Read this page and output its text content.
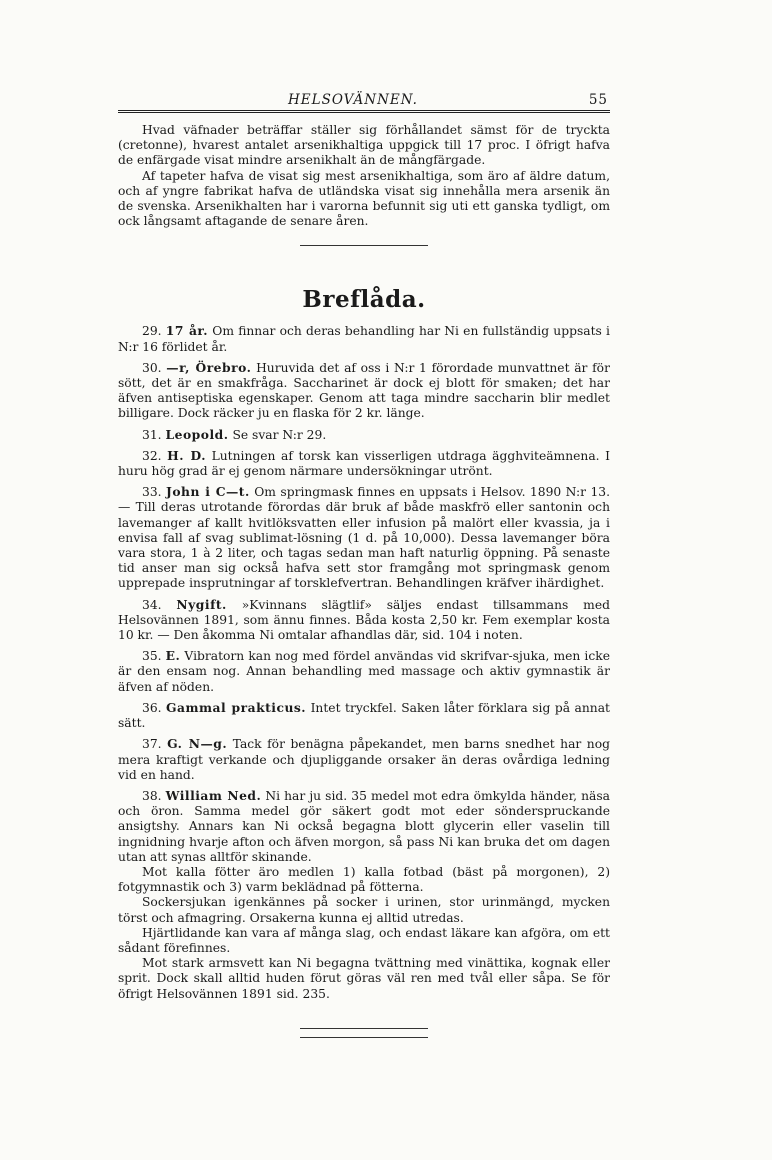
HELSOVÄNNEN.	55

Hvad väfnader beträffar ställer sig förhållandet sämst för de tryckta (cretonne), hvarest antalet arsenikhaltiga uppgick till 17 proc. I öfrigt hafva de enfärgade visat mindre arsenikhalt än de mångfärgade.

Af tapeter hafva de visat sig mest arsenikhaltiga, som äro af äldre datum, och af yngre fabrikat hafva de utländska visat sig innehålla mera arsenik än de svenska. Arsenikhalten har i varorna befunnit sig uti ett ganska tydligt, om ock långsamt aftagande de senare åren.

Breflåda.

29. 17 år. Om finnar och deras behandling har Ni en fullständig uppsats i N:r 16 förlidet år.

30. —r, Örebro. Huruvida det af oss i N:r 1 förordade munvattnet är för sött, det är en smakfråga. Saccharinet är dock ej blott för smaken; det har äfven antiseptiska egenskaper. Genom att taga mindre saccharin blir medlet billigare. Dock räcker ju en flaska för 2 kr. länge.

31. Leopold. Se svar N:r 29.

32. H. D. Lutningen af torsk kan visserligen utdraga ägghviteämnena. I huru hög grad är ej genom närmare undersökningar utrönt.

33. John i C—t. Om springmask finnes en uppsats i Helsov. 1890 N:r 13. — Till deras utrotande förordas där bruk af både maskfrö eller santonin och lavemanger af kallt hvitlöksvatten eller infusion på malört eller kvassia, ja i envisa fall af svag sublimat-lösning (1 d. på 10,000). Dessa lavemanger böra vara stora, 1 à 2 liter, och tagas sedan man haft naturlig öppning. På senaste tid anser man sig också hafva sett stor framgång mot springmask genom upprepade insprutningar af torsklefvertran. Behandlingen kräfver ihärdighet.

34. Nygift. »Kvinnans slägtlif» säljes endast tillsammans med Helsovännen 1891, som ännu finnes. Båda kosta 2,50 kr. Fem exemplar kosta 10 kr. — Den åkomma Ni omtalar afhandlas där, sid. 104 i noten.

35. E. Vibratorn kan nog med fördel användas vid skrifvar-sjuka, men icke är den ensam nog. Annan behandling med massage och aktiv gymnastik är äfven af nöden.

36. Gammal prakticus. Intet tryckfel. Saken låter förklara sig på annat sätt.

37. G. N—g. Tack för benägna påpekandet, men barns snedhet har nog mera kraftigt verkande och djupliggande orsaker än deras ovårdiga ledning vid en hand.

38. William Ned. Ni har ju sid. 35 medel mot edra ömkylda händer, näsa och öron. Samma medel gör säkert godt mot eder sönderspruckande ansigtshy. Annars kan Ni också begagna blott glycerin eller vaselin till ingnidning hvarje afton och äfven morgon, så pass Ni kan bruka det om dagen utan att synas alltför skinande.

Mot kalla fötter äro medlen 1) kalla fotbad (bäst på morgonen), 2) fotgymnastik och 3) varm beklädnad på fötterna.

Sockersjukan igenkännes på socker i urinen, stor urinmängd, mycken törst och afmagring. Orsakerna kunna ej alltid utredas.

Hjärtlidande kan vara af många slag, och endast läkare kan afgöra, om ett sådant förefinnes.

Mot stark armsvett kan Ni begagna tvättning med vinättika, kognak eller sprit. Dock skall alltid huden förut göras väl ren med tvål eller såpa. Se för öfrigt Helsovännen 1891 sid. 235.
